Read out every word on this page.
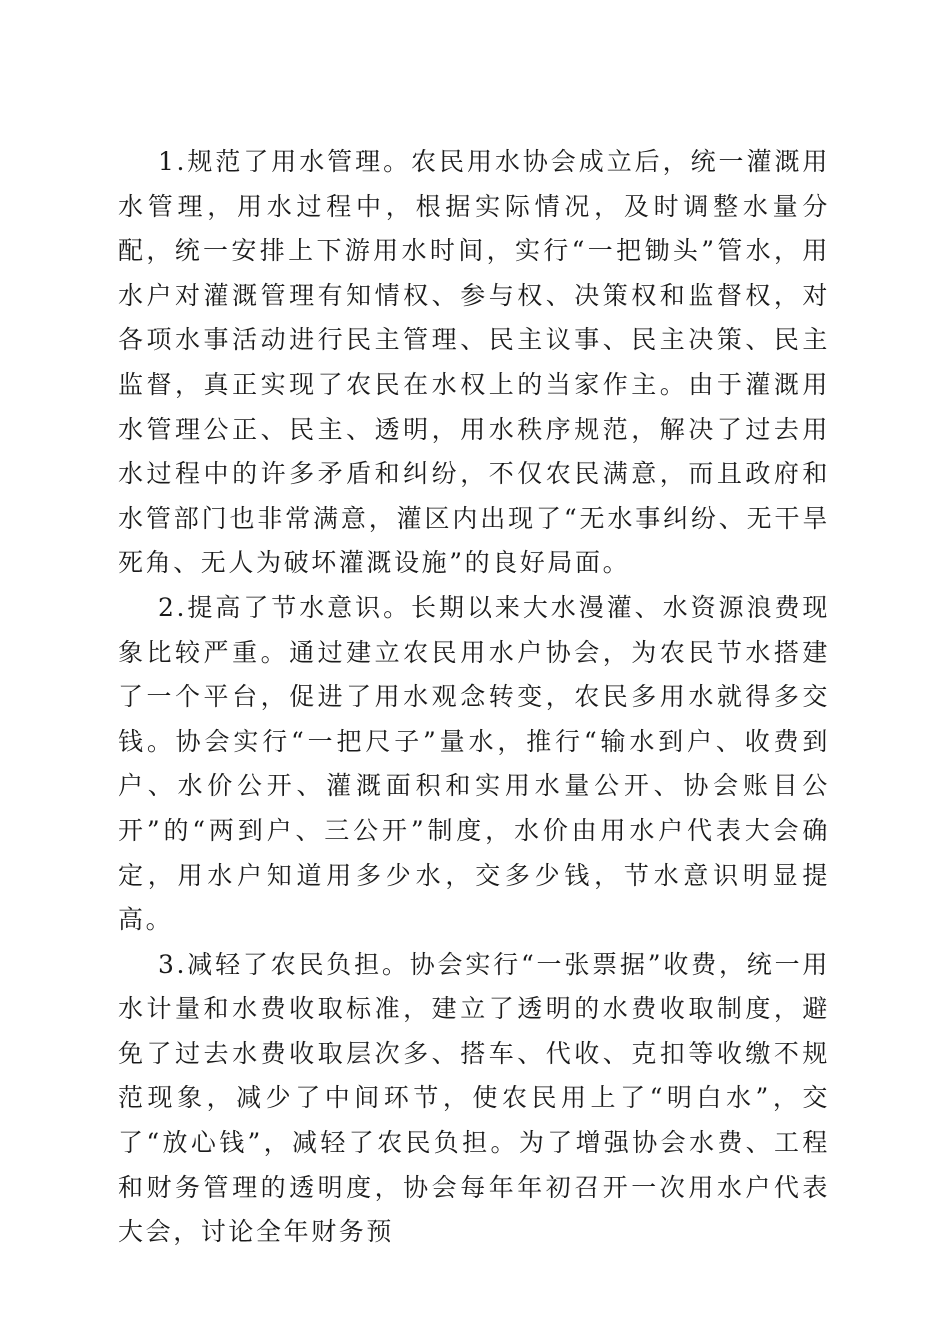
1.规范了用水管理。农民用水协会成立后，统一灌溉用水管理，用水过程中，根据实际情况，及时调整水量分配，统一安排上下游用水时间，实行“一把锄头”管水，用水户对灌溉管理有知情权、参与权、决策权和监督权，对各项水事活动进行民主管理、民主议事、民主决策、民主监督，真正实现了农民在水权上的当家作主。由于灌溉用水管理公正、民主、透明，用水秩序规范，解决了过去用水过程中的许多矛盾和纠纷，不仅农民满意，而且政府和水管部门也非常满意，灌区内出现了“无水事纠纷、无干旱死角、无人为破坏灌溉设施”的良好局面。

2.提高了节水意识。长期以来大水漫灌、水资源浪费现象比较严重。通过建立农民用水户协会，为农民节水搭建了一个平台，促进了用水观念转变，农民多用水就得多交钱。协会实行“一把尺子”量水，推行“输水到户、收费到户、水价公开、灌溉面积和实用水量公开、协会账目公开”的“两到户、三公开”制度，水价由用水户代表大会确定，用水户知道用多少水，交多少钱，节水意识明显提高。

3.减轻了农民负担。协会实行“一张票据”收费，统一用水计量和水费收取标准，建立了透明的水费收取制度，避免了过去水费收取层次多、搭车、代收、克扣等收缴不规范现象，减少了中间环节，使农民用上了“明白水”，交了“放心钱”，减轻了农民负担。为了增强协会水费、工程和财务管理的透明度，协会每年年初召开一次用水户代表大会，讨论全年财务预
